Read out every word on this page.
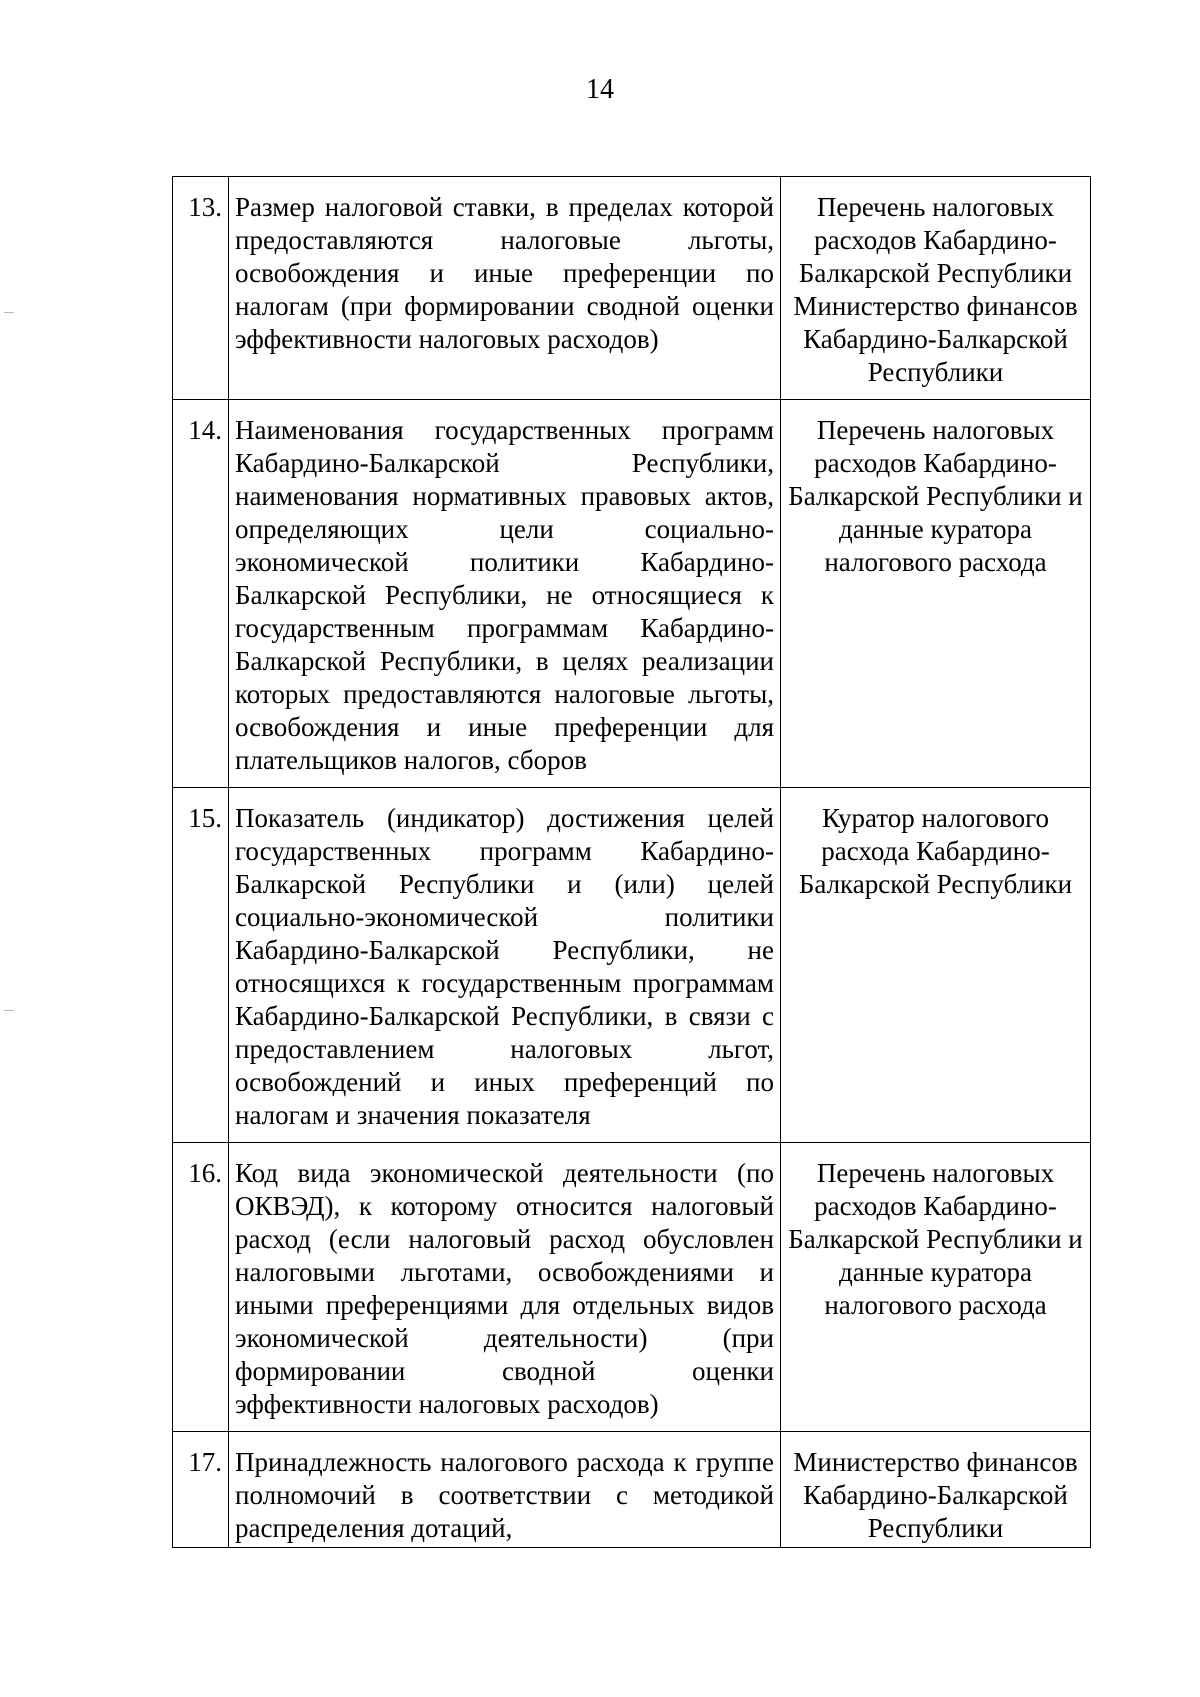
14
13.	Размер налоговой ставки, в пределах которой предоставляются налоговые льготы, освобождения и иные преференции по налогам (при формировании сводной оценки эффективности налоговых расходов)	Перечень налоговых расходов Кабардино-Балкарской Республики Министерство финансов Кабардино-Балкарской Республики
14.	Наименования государственных программ Кабардино-Балкарской Республики, наименования нормативных правовых актов, определяющих цели социально-экономической политики Кабардино-Балкарской Республики, не относящиеся к государственным программам Кабардино-Балкарской Республики, в целях реализации которых предоставляются налоговые льготы, освобождения и иные преференции для плательщиков налогов, сборов	Перечень налоговых расходов Кабардино-Балкарской Республики и данные куратора налогового расхода
15.	Показатель (индикатор) достижения целей государственных программ Кабардино-Балкарской Республики и (или) целей социально-экономической политики Кабардино-Балкарской Республики, не относящихся к государственным программам Кабардино-Балкарской Республики, в связи с предоставлением налоговых льгот, освобождений и иных преференций по налогам и значения показателя	Куратор налогового расхода Кабардино-Балкарской Республики
16.	Код вида экономической деятельности (по ОКВЭД), к которому относится налоговый расход (если налоговый расход обусловлен налоговыми льготами, освобождениями и иными преференциями для отдельных видов экономической деятельности) (при формировании сводной оценки эффективности налоговых расходов)	Перечень налоговых расходов Кабардино-Балкарской Республики и данные куратора налогового расхода
17.	Принадлежность налогового расхода к группе полномочий в соответствии с методикой распределения дотаций,	Министерство финансов Кабардино-Балкарской Республики
